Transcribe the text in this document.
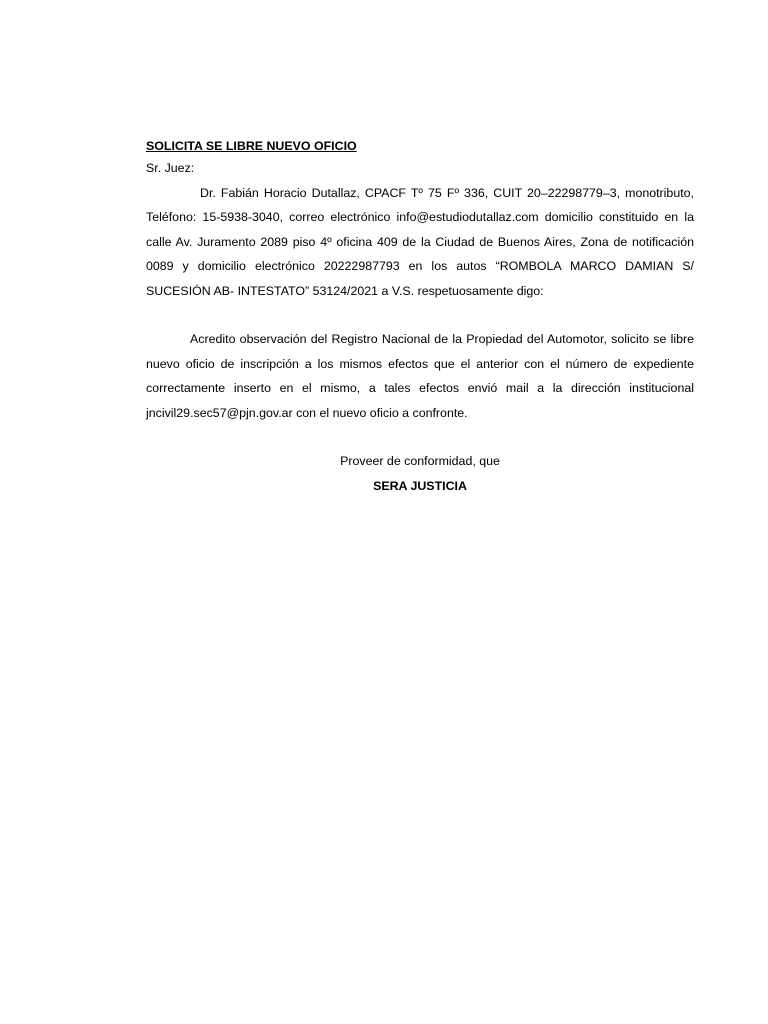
SOLICITA SE LIBRE NUEVO OFICIO

Sr. Juez:

Dr. Fabián Horacio Dutallaz, CPACF Tº 75 Fº 336, CUIT 20–22298779–3, monotributo, Teléfono: 15-5938-3040, correo electrónico info@estudiodutallaz.com domicilio constituido en la calle Av. Juramento 2089 piso 4º oficina 409 de la Ciudad de Buenos Aires, Zona de notificación 0089 y domicilio electrónico 20222987793 en los autos “ROMBOLA MARCO DAMIAN S/ SUCESIÓN AB- INTESTATO” 53124/2021 a V.S. respetuosamente digo:

Acredito observación del Registro Nacional de la Propiedad del Automotor, solicito se libre nuevo oficio de inscripción a los mismos efectos que el anterior con el número de expediente correctamente inserto en el mismo, a tales efectos envió mail a la dirección institucional jncivil29.sec57@pjn.gov.ar con el nuevo oficio a confronte.

Proveer de conformidad, que

SERA JUSTICIA
